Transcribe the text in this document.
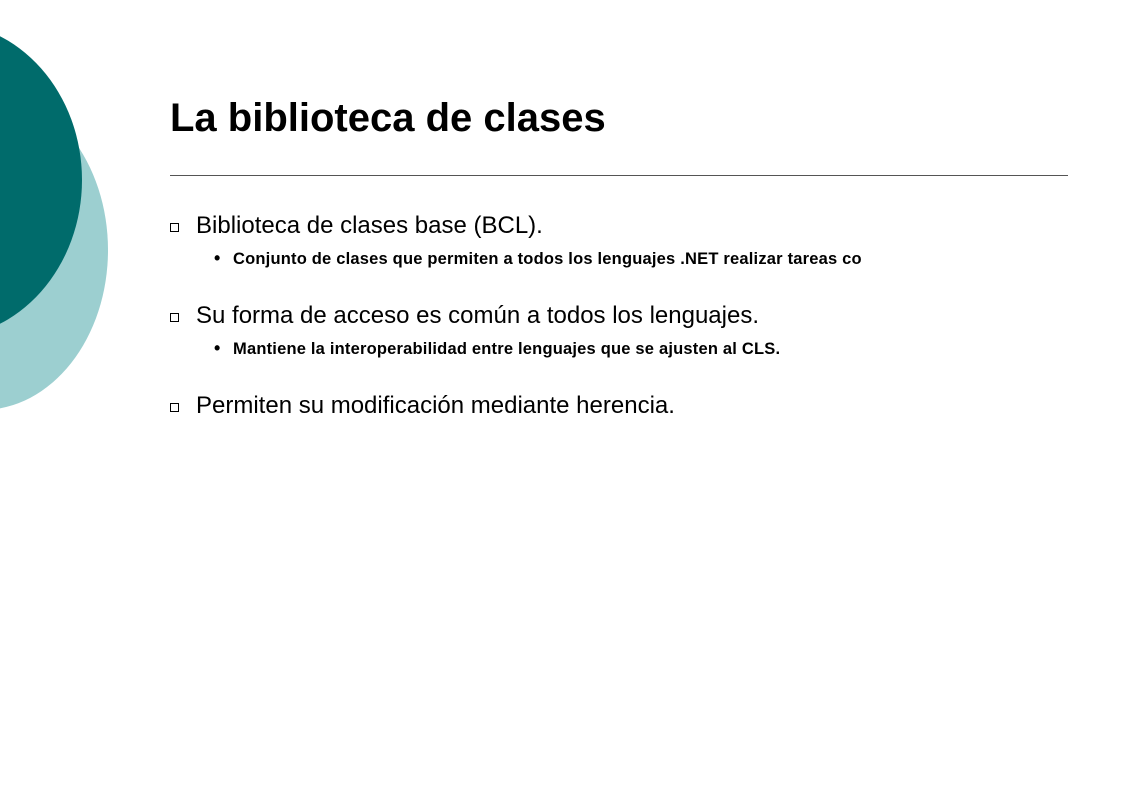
La biblioteca de clases
Biblioteca de clases base (BCL).
• Conjunto de clases que permiten a todos los lenguajes .NET realizar tareas co
Su forma de acceso es común a todos los lenguajes.
• Mantiene la interoperabilidad entre lenguajes que se ajusten al CLS.
Permiten su modificación mediante herencia.
